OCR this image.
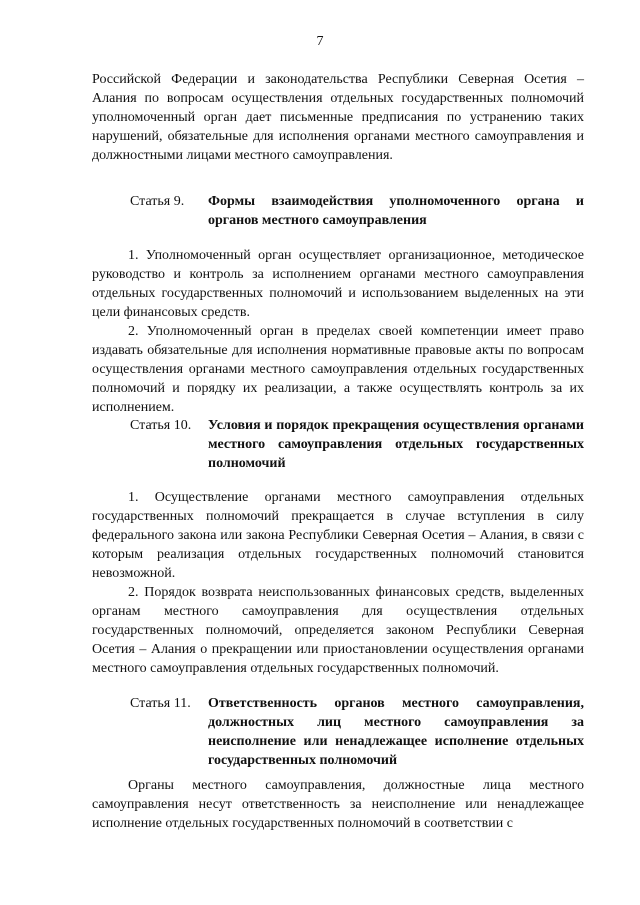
7
Российской Федерации и законодательства Республики Северная Осетия – Алания по вопросам осуществления отдельных государственных полномочий уполномоченный орган дает письменные предписания по устранению таких нарушений, обязательные для исполнения органами местного самоуправления и должностными лицами местного самоуправления.
Статья 9.	Формы взаимодействия уполномоченного органа и органов местного самоуправления
1. Уполномоченный орган осуществляет организационное, методическое руководство и контроль за исполнением органами местного самоуправления отдельных государственных полномочий и использованием выделенных на эти цели финансовых средств.
2. Уполномоченный орган в пределах своей компетенции имеет право издавать обязательные для исполнения нормативные правовые акты по вопросам осуществления органами местного самоуправления отдельных государственных полномочий и порядку их реализации, а также осуществлять контроль за их исполнением.
Статья 10.	Условия и порядок прекращения осуществления органами местного самоуправления отдельных государственных полномочий
1. Осуществление органами местного самоуправления отдельных государственных полномочий прекращается в случае вступления в силу федерального закона или закона Республики Северная Осетия – Алания, в связи с которым реализация отдельных государственных полномочий становится невозможной.
2. Порядок возврата неиспользованных финансовых средств, выделенных органам местного самоуправления для осуществления отдельных государственных полномочий, определяется законом Республики Северная Осетия – Алания о прекращении или приостановлении осуществления органами местного самоуправления отдельных государственных полномочий.
Статья 11.	Ответственность органов местного самоуправления, должностных лиц местного самоуправления за неисполнение или ненадлежащее исполнение отдельных государственных полномочий
Органы местного самоуправления, должностные лица местного самоуправления несут ответственность за неисполнение или ненадлежащее исполнение отдельных государственных полномочий в соответствии с
